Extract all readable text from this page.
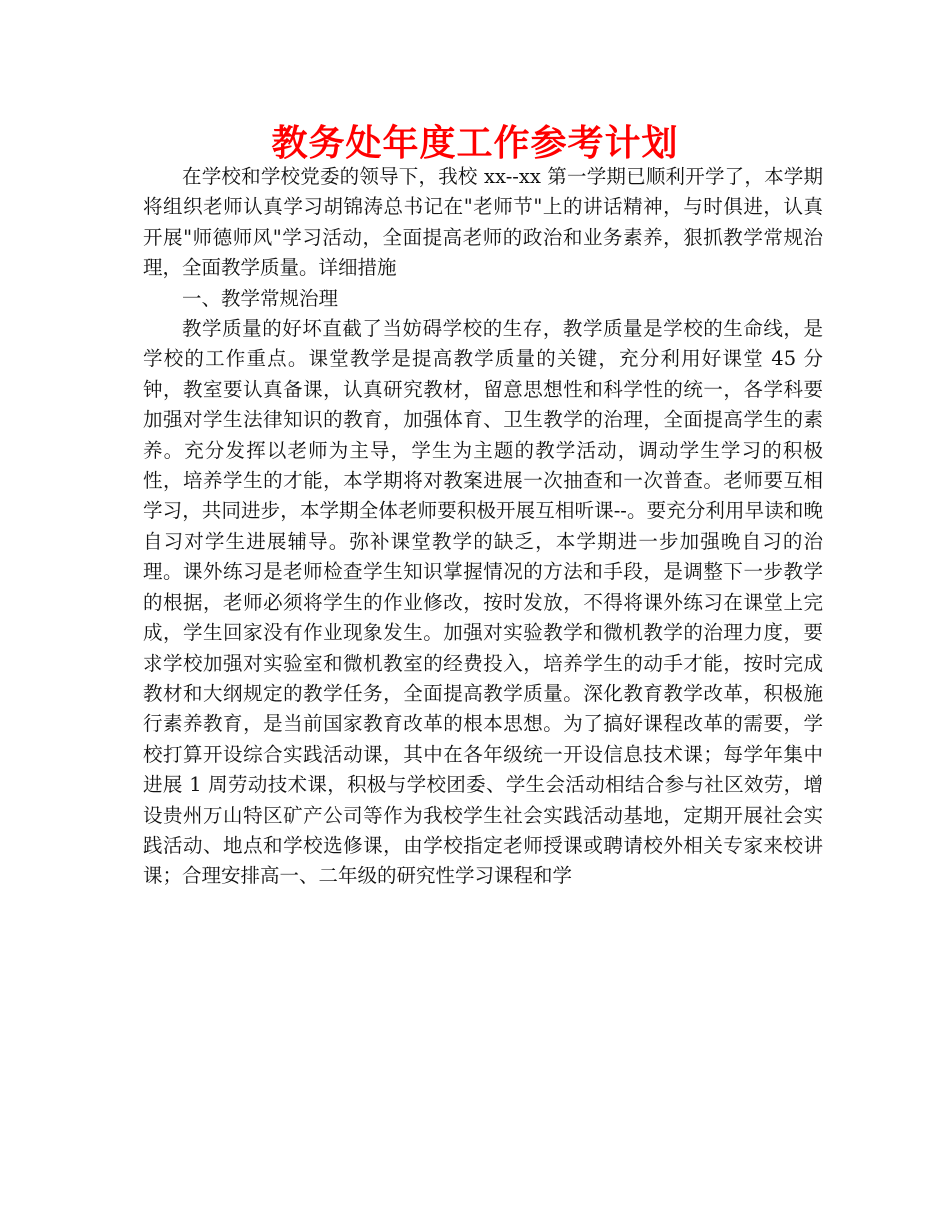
教务处年度工作参考计划

在学校和学校党委的领导下，我校 xx--xx 第一学期已顺利开学了，本学期将组织老师认真学习胡锦涛总书记在"老师节"上的讲话精神，与时俱进，认真开展"师德师风"学习活动，全面提高老师的政治和业务素养，狠抓教学常规治理，全面教学质量。详细措施

一、教学常规治理

教学质量的好坏直截了当妨碍学校的生存，教学质量是学校的生命线，是学校的工作重点。课堂教学是提高教学质量的关键，充分利用好课堂 45 分钟，教室要认真备课，认真研究教材，留意思想性和科学性的统一，各学科要加强对学生法律知识的教育，加强体育、卫生教学的治理，全面提高学生的素养。充分发挥以老师为主导，学生为主题的教学活动，调动学生学习的积极性，培养学生的才能，本学期将对教案进展一次抽查和一次普查。老师要互相学习，共同进步，本学期全体老师要积极开展互相听课--。要充分利用早读和晚自习对学生进展辅导。弥补课堂教学的缺乏，本学期进一步加强晚自习的治理。课外练习是老师检查学生知识掌握情况的方法和手段，是调整下一步教学的根据，老师必须将学生的作业修改，按时发放，不得将课外练习在课堂上完成，学生回家没有作业现象发生。加强对实验教学和微机教学的治理力度，要求学校加强对实验室和微机教室的经费投入，培养学生的动手才能，按时完成教材和大纲规定的教学任务，全面提高教学质量。深化教育教学改革，积极施行素养教育，是当前国家教育改革的根本思想。为了搞好课程改革的需要，学校打算开设综合实践活动课，其中在各年级统一开设信息技术课；每学年集中进展 1 周劳动技术课，积极与学校团委、学生会活动相结合参与社区效劳，增设贵州万山特区矿产公司等作为我校学生社会实践活动基地，定期开展社会实践活动、地点和学校选修课，由学校指定老师授课或聘请校外相关专家来校讲课；合理安排高一、二年级的研究性学习课程和学
